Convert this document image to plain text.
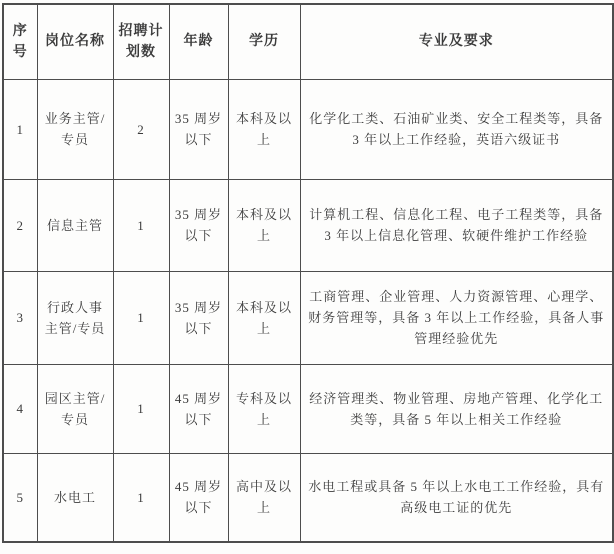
序号	岗位名称	招聘计划数	年龄	学历	专业及要求
1	业务主管/专员	2	35 周岁以下	本科及以上	化学化工类、石油矿业类、安全工程类等，具备 3 年以上工作经验，英语六级证书
2	信息主管	1	35 周岁以下	本科及以上	计算机工程、信息化工程、电子工程类等，具备 3 年以上信息化管理、软硬件维护工作经验
3	行政人事主管/专员	1	35 周岁以下	本科及以上	工商管理、企业管理、人力资源管理、心理学、财务管理等，具备 3 年以上工作经验，具备人事管理经验优先
4	园区主管/专员	1	45 周岁以下	专科及以上	经济管理类、物业管理、房地产管理、化学化工类等，具备 5 年以上相关工作经验
5	水电工	1	45 周岁以下	高中及以上	水电工程或具备 5 年以上水电工工作经验，具有高级电工证的优先
